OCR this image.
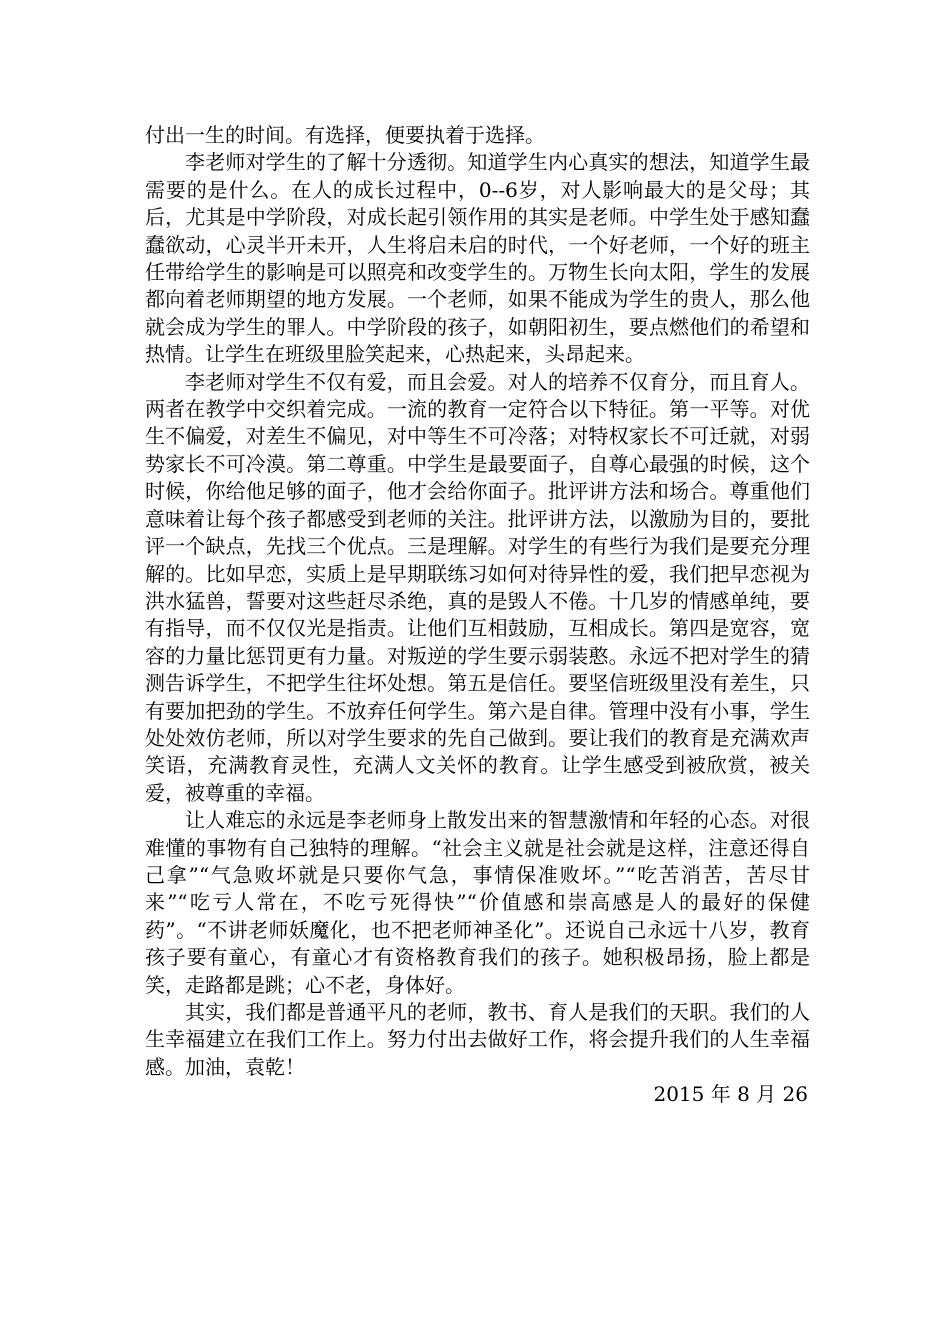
付出一生的时间。有选择，便要执着于选择。

李老师对学生的了解十分透彻。知道学生内心真实的想法，知道学生最需要的是什么。在人的成长过程中，0--6岁，对人影响最大的是父母；其后，尤其是中学阶段，对成长起引领作用的其实是老师。中学生处于感知蠢蠢欲动，心灵半开未开，人生将启未启的时代，一个好老师，一个好的班主任带给学生的影响是可以照亮和改变学生的。万物生长向太阳，学生的发展都向着老师期望的地方发展。一个老师，如果不能成为学生的贵人，那么他就会成为学生的罪人。中学阶段的孩子，如朝阳初生，要点燃他们的希望和热情。让学生在班级里脸笑起来，心热起来，头昂起来。

李老师对学生不仅有爱，而且会爱。对人的培养不仅育分，而且育人。两者在教学中交织着完成。一流的教育一定符合以下特征。第一平等。对优生不偏爱，对差生不偏见，对中等生不可冷落；对特权家长不可迁就，对弱势家长不可冷漠。第二尊重。中学生是最要面子，自尊心最强的时候，这个时候，你给他足够的面子，他才会给你面子。批评讲方法和场合。尊重他们意味着让每个孩子都感受到老师的关注。批评讲方法，以激励为目的，要批评一个缺点，先找三个优点。三是理解。对学生的有些行为我们是要充分理解的。比如早恋，实质上是早期联练习如何对待异性的爱，我们把早恋视为洪水猛兽，誓要对这些赶尽杀绝，真的是毁人不倦。十几岁的情感单纯，要有指导，而不仅仅光是指责。让他们互相鼓励，互相成长。第四是宽容，宽容的力量比惩罚更有力量。对叛逆的学生要示弱装憨。永远不把对学生的猜测告诉学生，不把学生往坏处想。第五是信任。要坚信班级里没有差生，只有要加把劲的学生。不放弃任何学生。第六是自律。管理中没有小事，学生处处效仿老师，所以对学生要求的先自己做到。要让我们的教育是充满欢声笑语，充满教育灵性，充满人文关怀的教育。让学生感受到被欣赏，被关爱，被尊重的幸福。

让人难忘的永远是李老师身上散发出来的智慧激情和年轻的心态。对很难懂的事物有自己独特的理解。“社会主义就是社会就是这样，注意还得自己拿”“气急败坏就是只要你气急，事情保准败坏。”“吃苦消苦，苦尽甘来”“吃亏人常在，不吃亏死得快”“价值感和崇高感是人的最好的保健药”。“不讲老师妖魔化，也不把老师神圣化”。还说自己永远十八岁，教育孩子要有童心，有童心才有资格教育我们的孩子。她积极昂扬，脸上都是笑，走路都是跳；心不老，身体好。

其实，我们都是普通平凡的老师，教书、育人是我们的天职。我们的人生幸福建立在我们工作上。努力付出去做好工作，将会提升我们的人生幸福感。加油，袁乾！

2015 年 8 月 26
